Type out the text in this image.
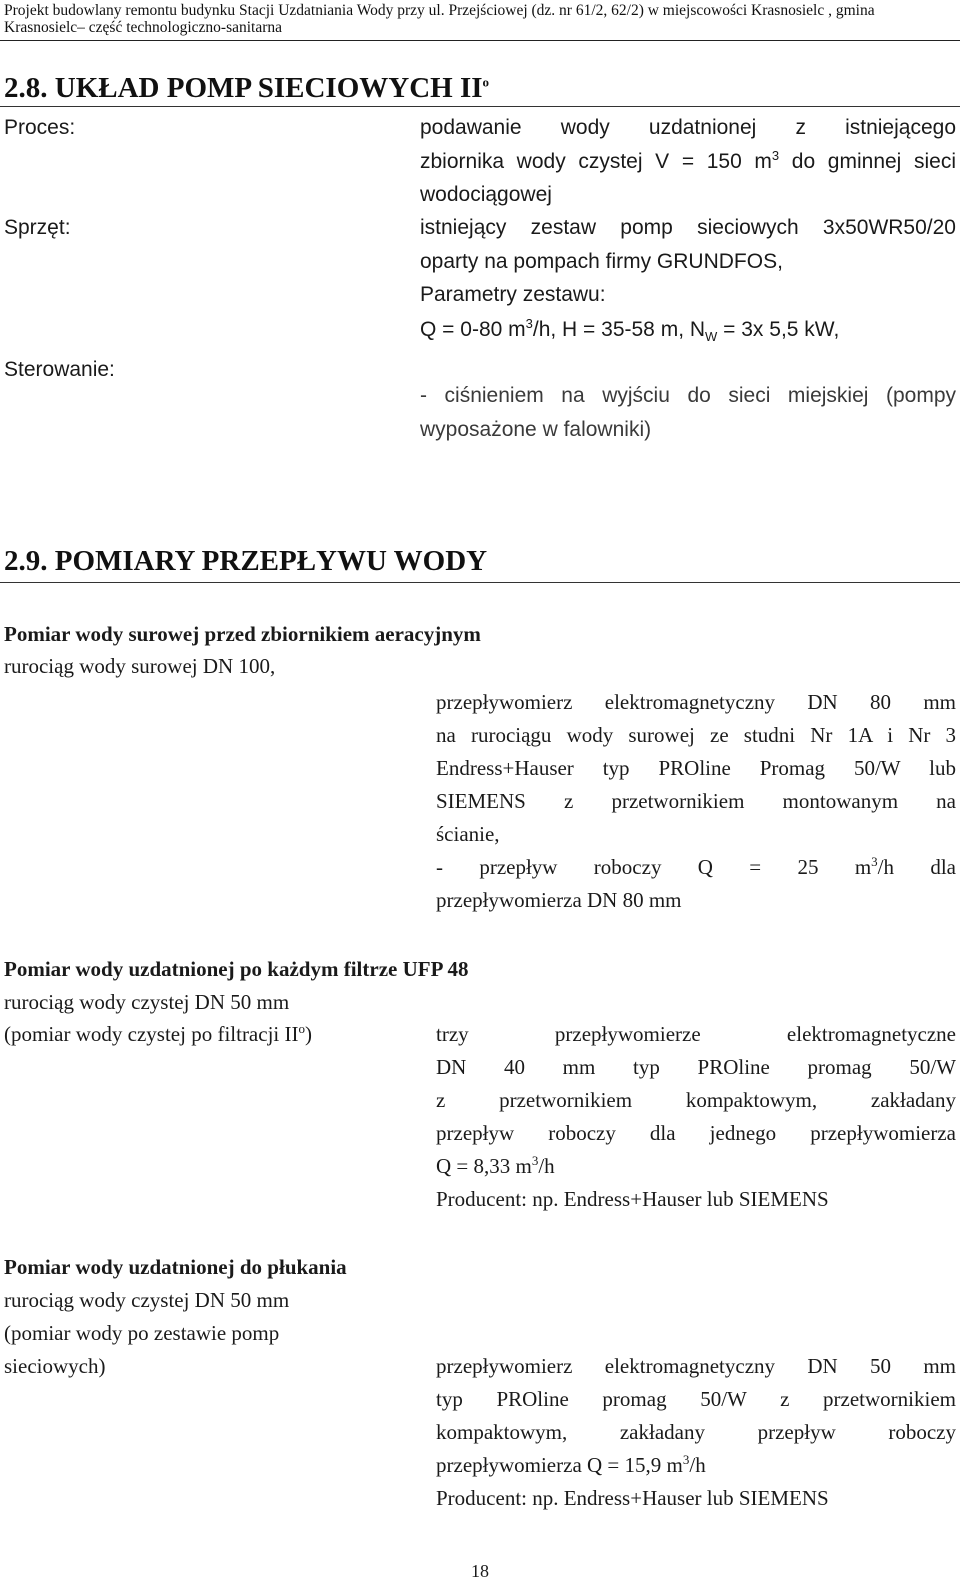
Projekt budowlany remontu budynku Stacji Uzdatniania Wody przy ul. Przejściowej (dz. nr 61/2, 62/2) w miejscowości Krasnosielc , gmina
Krasnosielc– część technologiczno-sanitarna
2.8. UKŁAD POMP SIECIOWYCH $II^o$
Proces:	podawanie wody uzdatnionej z istniejącego
zbiornika wody czystej V = 150 $m^3$ do gminnej sieci
wodociągowej
Sprzęt:	istniejący zestaw pomp sieciowych 3x50WR50/20
oparty na pompach firmy GRUNDFOS,
Parametry zestawu:
Q = 0-80 $m^3/h$, H = 35-58 m, $N_W = 3x$ 5,5 kW,
Sterowanie:
- ciśnieniem na wyjściu do sieci miejskiej (pompy
wyposażone w falowniki)
2.9. POMIARY PRZEPŁYWU WODY
Pomiar wody surowej przed zbiornikiem aeracyjnym
rurociąg wody surowej DN 100,
przepływomierz elektromagnetyczny DN 80 mm
na rurociągu wody surowej ze studni Nr 1A i Nr 3
Endress+Hauser typ PROline Promag 50/W lub
SIEMENS z przetwornikiem montowanym na
ścianie,
- przepływ roboczy Q = 25 $m^3/h$ dla
przepływomierza DN 80 mm
Pomiar wody uzdatnionej po każdym filtrze UFP 48
rurociąg wody czystej DN 50 mm
(pomiar wody czystej po filtracji $II^o$)	trzy przepływomierze elektromagnetyczne
DN 40 mm typ PROline promag 50/W
z przetwornikiem kompaktowym, zakładany
przepływ roboczy dla jednego przepływomierza
Q = 8,33 $m^3/h$
Producent: np. Endress+Hauser lub SIEMENS
Pomiar wody uzdatnionej do płukania
rurociąg wody czystej DN 50 mm
(pomiar wody po zestawie pomp
sieciowych)	przepływomierz elektromagnetyczny DN 50 mm
typ PROline promag 50/W z przetwornikiem
kompaktowym, zakładany przepływ roboczy
przepływomierza Q = 15,9 $m^3/h$
Producent: np. Endress+Hauser lub SIEMENS
18
